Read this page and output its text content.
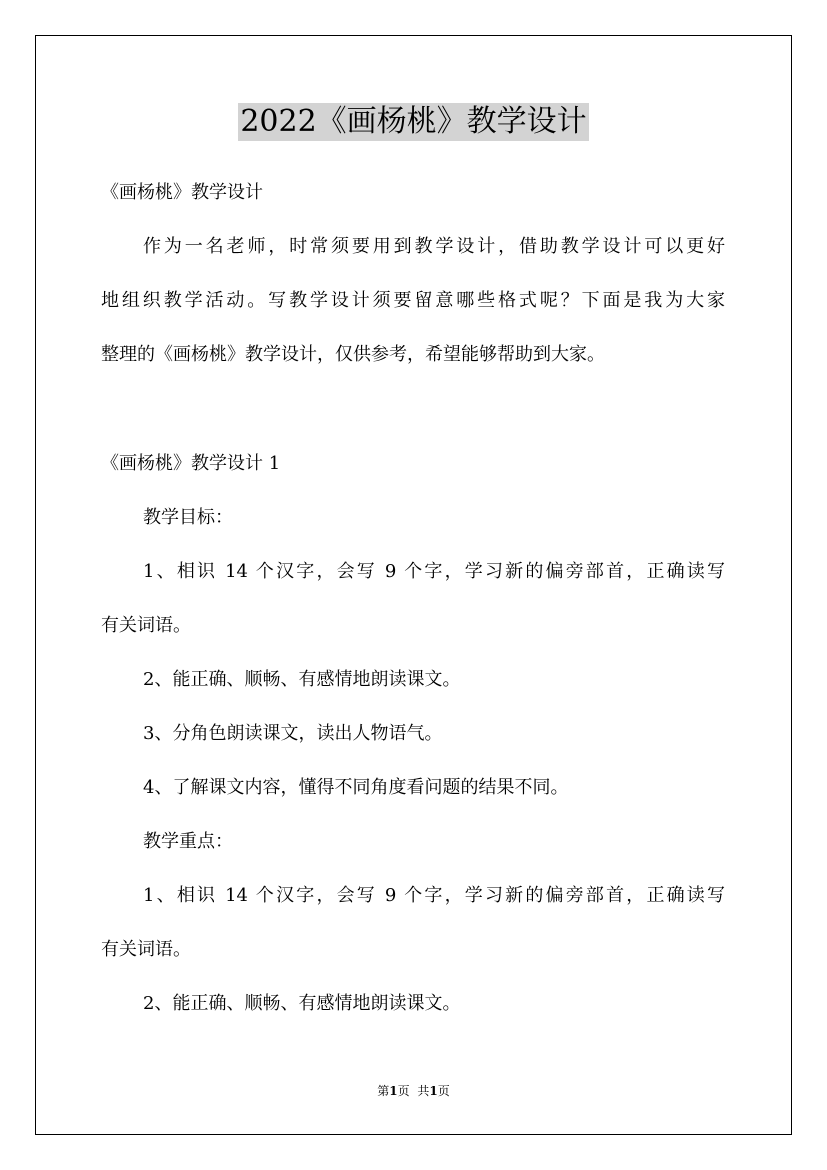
2022《画杨桃》教学设计
《画杨桃》教学设计
作为一名老师，时常须要用到教学设计，借助教学设计可以更好
地组织教学活动。写教学设计须要留意哪些格式呢？下面是我为大家
整理的《画杨桃》教学设计，仅供参考，希望能够帮助到大家。
《画杨桃》教学设计 1
教学目标：
1、相识 14 个汉字，会写 9 个字，学习新的偏旁部首，正确读写
有关词语。
2、能正确、顺畅、有感情地朗读课文。
3、分角色朗读课文，读出人物语气。
4、了解课文内容，懂得不同角度看问题的结果不同。
教学重点：
1、相识 14 个汉字，会写 9 个字，学习新的偏旁部首，正确读写
有关词语。
2、能正确、顺畅、有感情地朗读课文。
第1页 共1页
